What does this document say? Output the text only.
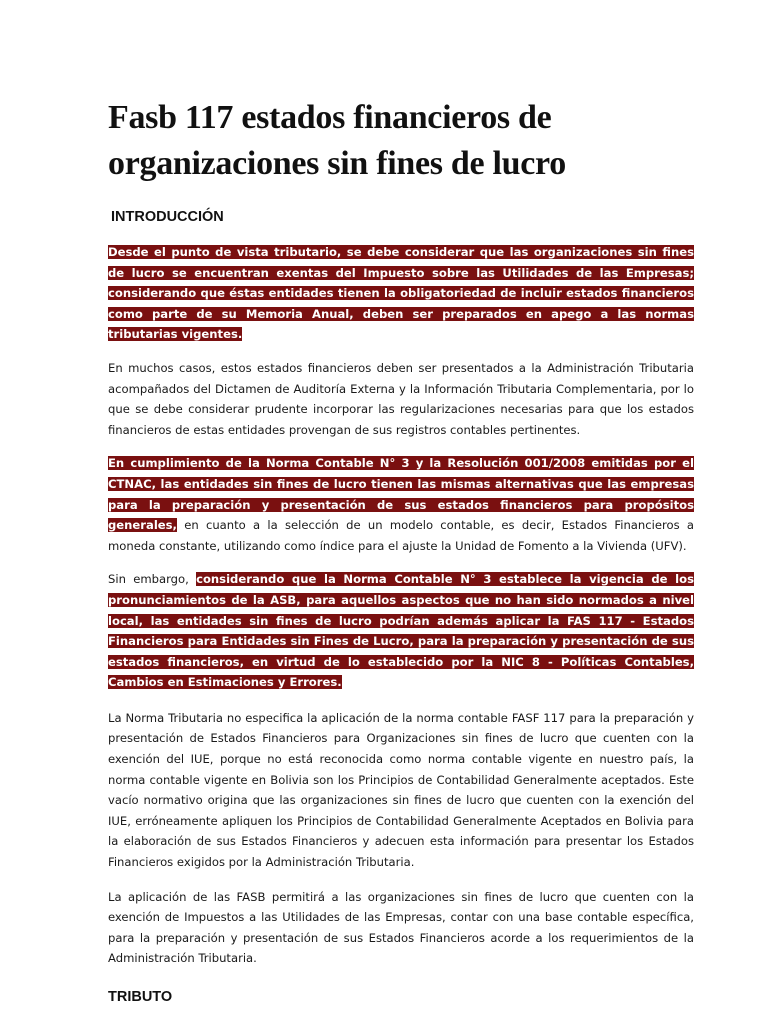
Fasb 117 estados financieros de organizaciones sin fines de lucro
INTRODUCCIÓN

Desde el punto de vista tributario, se debe considerar que las organizaciones sin fines de lucro se encuentran exentas del Impuesto sobre las Utilidades de las Empresas; considerando que éstas entidades tienen la obligatoriedad de incluir estados financieros como parte de su Memoria Anual, deben ser preparados en apego a las normas tributarias vigentes.

En muchos casos, estos estados financieros deben ser presentados a la Administración Tributaria acompañados del Dictamen de Auditoría Externa y la Información Tributaria Complementaria, por lo que se debe considerar prudente incorporar las regularizaciones necesarias para que los estados financieros de estas entidades provengan de sus registros contables pertinentes.

En cumplimiento de la Norma Contable N° 3 y la Resolución 001/2008 emitidas por el CTNAC, las entidades sin fines de lucro tienen las mismas alternativas que las empresas para la preparación y presentación de sus estados financieros para propósitos generales, en cuanto a la selección de un modelo contable, es decir, Estados Financieros a moneda constante, utilizando como índice para el ajuste la Unidad de Fomento a la Vivienda (UFV).

Sin embargo, considerando que la Norma Contable N° 3 establece la vigencia de los pronunciamientos de la ASB, para aquellos aspectos que no han sido normados a nivel local, las entidades sin fines de lucro podrían además aplicar la FAS 117 - Estados Financieros para Entidades sin Fines de Lucro, para la preparación y presentación de sus estados financieros, en virtud de lo establecido por la NIC 8 - Políticas Contables, Cambios en Estimaciones y Errores.

La Norma Tributaria no especifica la aplicación de la norma contable FASF 117 para la preparación y presentación de Estados Financieros para Organizaciones sin fines de lucro que cuenten con la exención del IUE, porque no está reconocida como norma contable vigente en nuestro país, la norma contable vigente en Bolivia son los Principios de Contabilidad Generalmente aceptados. Este vacío normativo origina que las organizaciones sin fines de lucro que cuenten con la exención del IUE, erróneamente apliquen los Principios de Contabilidad Generalmente Aceptados en Bolivia para la elaboración de sus Estados Financieros y adecuen esta información para presentar los Estados Financieros exigidos por la Administración Tributaria.

La aplicación de las FASB permitirá a las organizaciones sin fines de lucro que cuenten con la exención de Impuestos a las Utilidades de las Empresas, contar con una base contable específica, para la preparación y presentación de sus Estados Financieros acorde a los requerimientos de la Administración Tributaria.

TRIBUTO
